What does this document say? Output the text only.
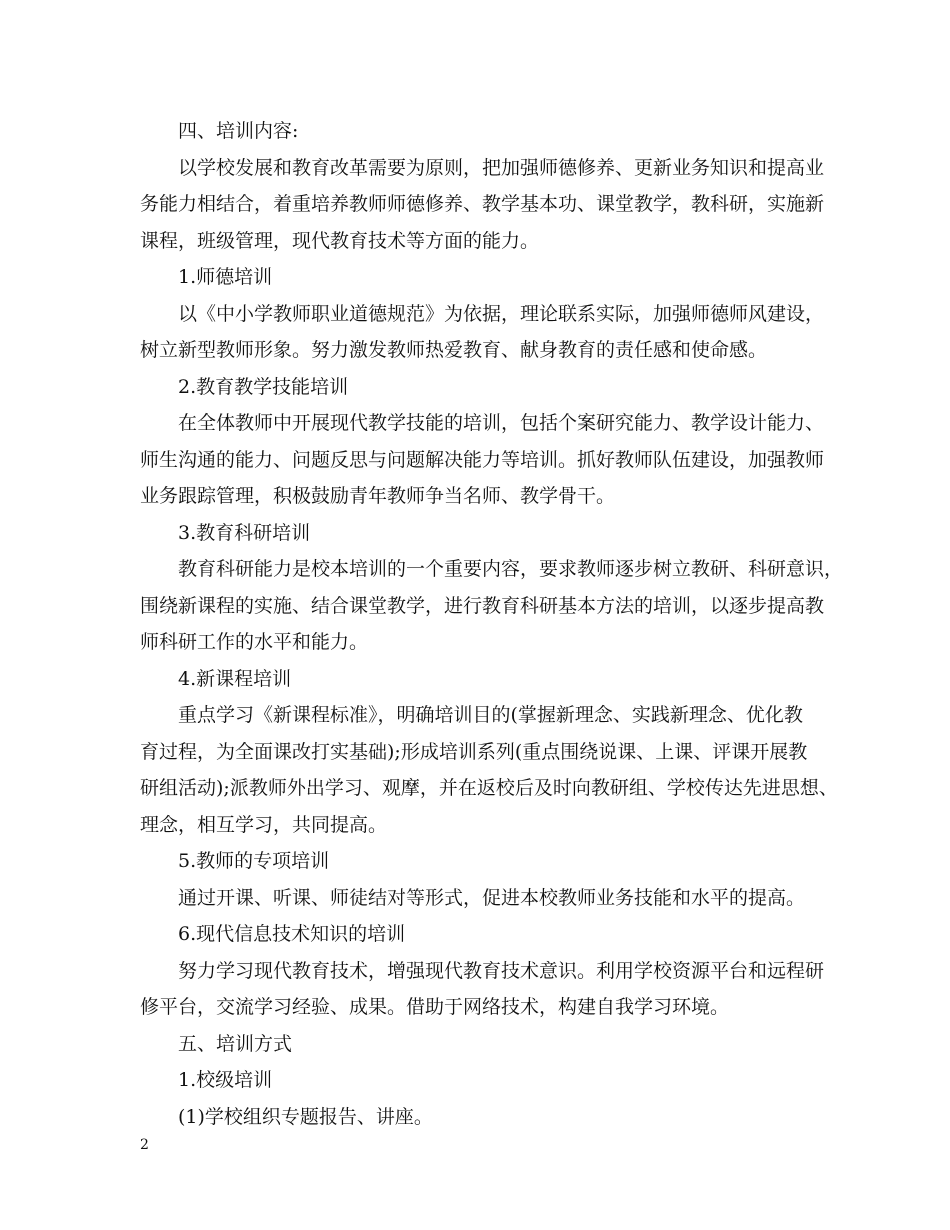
四、培训内容:
以学校发展和教育改革需要为原则，把加强师德修养、更新业务知识和提高业
务能力相结合，着重培养教师师德修养、教学基本功、课堂教学，教科研，实施新
课程，班级管理，现代教育技术等方面的能力。
1.师德培训
以《中小学教师职业道德规范》为依据，理论联系实际，加强师德师风建设，
树立新型教师形象。努力激发教师热爱教育、献身教育的责任感和使命感。
2.教育教学技能培训
在全体教师中开展现代教学技能的培训，包括个案研究能力、教学设计能力、
师生沟通的能力、问题反思与问题解决能力等培训。抓好教师队伍建设，加强教师
业务跟踪管理，积极鼓励青年教师争当名师、教学骨干。
3.教育科研培训
教育科研能力是校本培训的一个重要内容，要求教师逐步树立教研、科研意识，
围绕新课程的实施、结合课堂教学，进行教育科研基本方法的培训，以逐步提高教
师科研工作的水平和能力。
4.新课程培训
重点学习《新课程标准》，明确培训目的(掌握新理念、实践新理念、优化教
育过程，为全面课改打实基础);形成培训系列(重点围绕说课、上课、评课开展教
研组活动);派教师外出学习、观摩，并在返校后及时向教研组、学校传达先进思想、
理念，相互学习，共同提高。
5.教师的专项培训
通过开课、听课、师徒结对等形式，促进本校教师业务技能和水平的提高。
6.现代信息技术知识的培训
努力学习现代教育技术，增强现代教育技术意识。利用学校资源平台和远程研
修平台，交流学习经验、成果。借助于网络技术，构建自我学习环境。
五、培训方式
1.校级培训
(1)学校组织专题报告、讲座。
2
